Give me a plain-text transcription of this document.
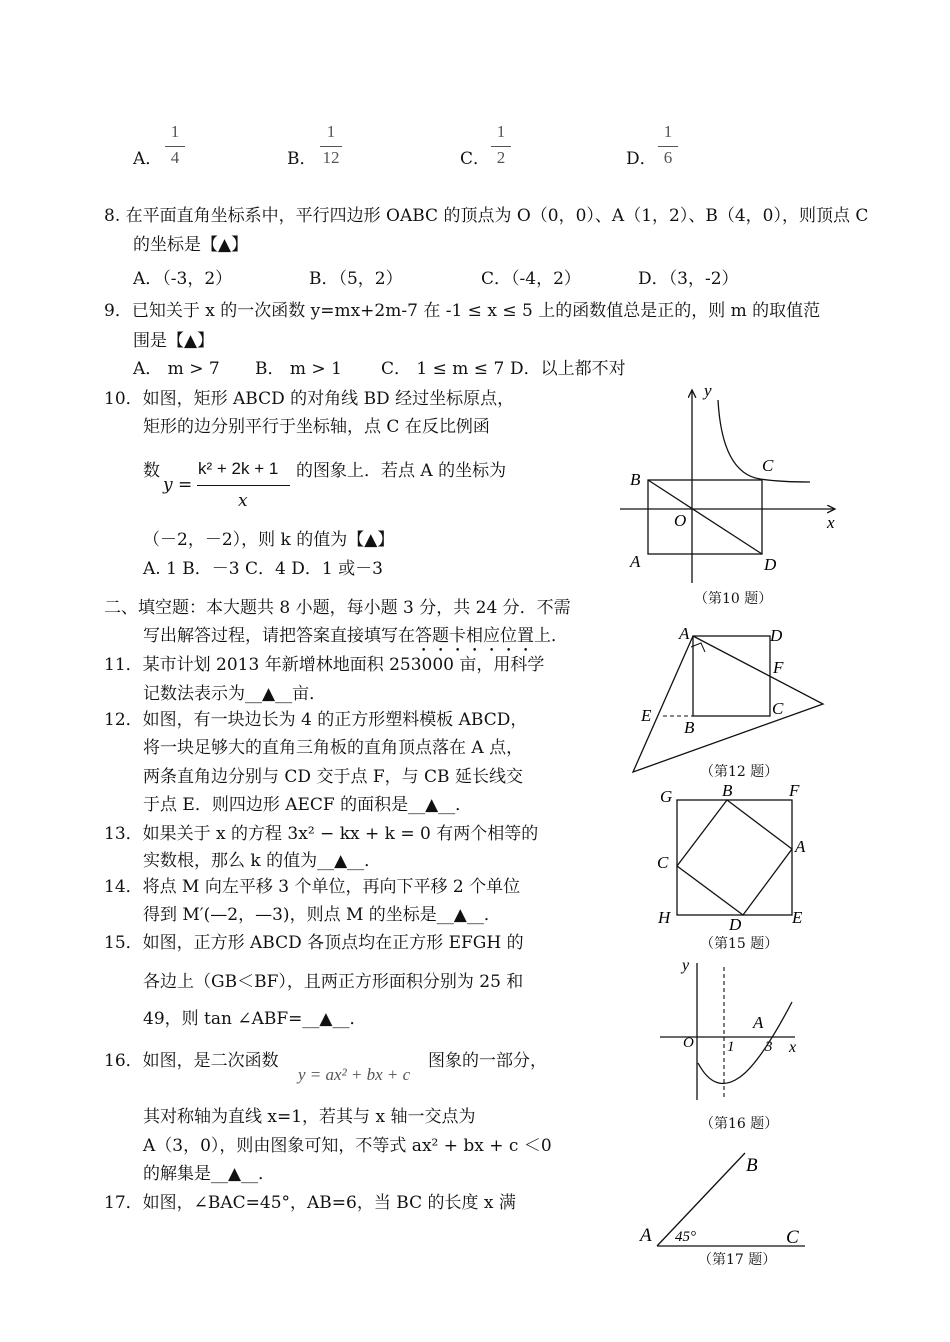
A．
1
4	B．
1
12	C．
1
2	D．
1
6
8. 在平面直角坐标系中，平行四边形 OABC 的顶点为 O（0，0）、A（1，2）、B（4，0），则顶点 C
的坐标是【▲】
A．（-3，2）	B．（5，2）	C．（-4，2）	D．（3，-2）
9．已知关于 x 的一次函数 y=mx+2m-7 在 -1 ≤ x ≤ 5 上的函数值总是正的，则 m 的取值范
围是【▲】
A． m > 7 B． m > 1 C． 1 ≤ m ≤ 7 D．以上都不对
10．如图，矩形 ABCD 的对角线 BD 经过坐标原点，
矩形的边分别平行于坐标轴，点 C 在反比例函
数
y =
k² + 2k + 1
x
的图象上．若点 A 的坐标为
（－2，－2），则 k 的值为【▲】
A. 1 B．－3 C．4 D．1 或－3
二、填空题：本大题共 8 小题，每小题 3 分，共 24 分．不需
写出解答过程，请把答案直接填写在答题卡相应位置上．
11．某市计划 2013 年新增林地面积 253000 亩，用科学
记数法表示为__▲__亩．
12．如图，有一块边长为 4 的正方形塑料模板 ABCD，
将一块足够大的直角三角板的直角顶点落在 A 点，
两条直角边分别与 CD 交于点 F，与 CB 延长线交
于点 E．则四边形 AECF 的面积是__▲__．
13．如果关于 x 的方程 3x² − kx + k = 0 有两个相等的
实数根，那么 k 的值为__▲__．
14．将点 M 向左平移 3 个单位，再向下平移 2 个单位
得到 M′(—2，—3)，则点 M 的坐标是__▲__．
15．如图，正方形 ABCD 各顶点均在正方形 EFGH 的
各边上（GB＜BF），且两正方形面积分别为 25 和
49，则 tan ∠ABF=__▲__．
16．如图，是二次函数
y = ax² + bx + c
图象的一部分，
其对称轴为直线 x=1，若其与 x 轴一交点为
A（3，0），则由图象可知，不等式 ax² + bx + c ＜0
的解集是__▲__．
17．如图，∠BAC=45°，AB=6，当 BC 的长度 x 满
y
x
B
C
O
A	D
（第10 题）
A	D
F
E
B
C
（第12 题）
G	B	F
C
A
H	D	E
（第15 题）
y
O 1 3 x
A
（第16 题）
B
A 45°	C
（第17 题）
